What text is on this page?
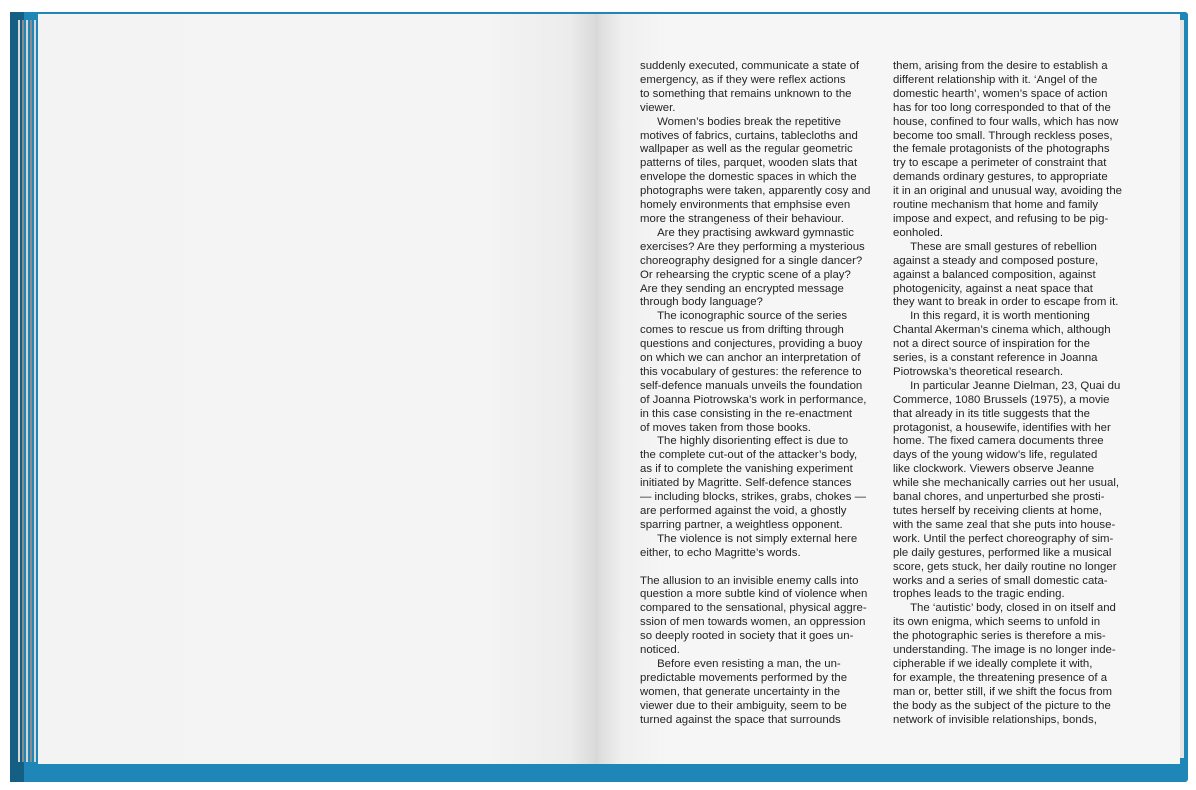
suddenly executed, communicate a state of

emergency, as if they were reflex actions

to something that remains unknown to the

viewer.

  Women’s bodies break the repetitive

motives of fabrics, curtains, tablecloths and

wallpaper as well as the regular geometric

patterns of tiles, parquet, wooden slats that

envelope the domestic spaces in which the

photographs were taken, apparently cosy and

homely environments that emphsise even

more the strangeness of their behaviour.

  Are they practising awkward gymnastic

exercises? Are they performing a mysterious

choreography designed for a single dancer?

Or rehearsing the cryptic scene of a play?

Are they sending an encrypted message

through body language?

  The iconographic source of the series

comes to rescue us from drifting through

questions and conjectures, providing a buoy

on which we can anchor an interpretation of

this vocabulary of gestures: the reference to

self-defence manuals unveils the foundation

of Joanna Piotrowska’s work in performance,

in this case consisting in the re-enactment

of moves taken from those books.

  The highly disorienting effect is due to

the complete cut-out of the attacker’s body,

as if to complete the vanishing experiment

initiated by Magritte. Self-defence stances

— including blocks, strikes, grabs, chokes —

are performed against the void, a ghostly

sparring partner, a weightless opponent.

  The violence is not simply external here

either, to echo Magritte’s words.

The allusion to an invisible enemy calls into

question a more subtle kind of violence when

compared to the sensational, physical aggre-

ssion of men towards women, an oppression

so deeply rooted in society that it goes un-

noticed.

  Before even resisting a man, the un-

predictable movements performed by the

women, that generate uncertainty in the

viewer due to their ambiguity, seem to be

turned against the space that surrounds

them, arising from the desire to establish a

different relationship with it. ‘Angel of the

domestic hearth’, women’s space of action

has for too long corresponded to that of the

house, confined to four walls, which has now

become too small. Through reckless poses,

the female protagonists of the photographs

try to escape a perimeter of constraint that

demands ordinary gestures, to appropriate

it in an original and unusual way, avoiding the

routine mechanism that home and family

impose and expect, and refusing to be pig-

eonholed.

  These are small gestures of rebellion

against a steady and composed posture,

against a balanced composition, against

photogenicity, against a neat space that

they want to break in order to escape from it.

  In this regard, it is worth mentioning

Chantal Akerman’s cinema which, although

not a direct source of inspiration for the

series, is a constant reference in Joanna

Piotrowska’s theoretical research.

  In particular Jeanne Dielman, 23, Quai du

Commerce, 1080 Brussels (1975), a movie

that already in its title suggests that the

protagonist, a housewife, identifies with her

home. The fixed camera documents three

days of the young widow’s life, regulated

like clockwork. Viewers observe Jeanne

while she mechanically carries out her usual,

banal chores, and unperturbed she prosti-

tutes herself by receiving clients at home,

with the same zeal that she puts into house-

work. Until the perfect choreography of sim-

ple daily gestures, performed like a musical

score, gets stuck, her daily routine no longer

works and a series of small domestic cata-

trophes leads to the tragic ending.

  The ‘autistic’ body, closed in on itself and

its own enigma, which seems to unfold in

the photographic series is therefore a mis-

understanding. The image is no longer inde-

cipherable if we ideally complete it with,

for example, the threatening presence of a

man or, better still, if we shift the focus from

the body as the subject of the picture to the

network of invisible relationships, bonds,
